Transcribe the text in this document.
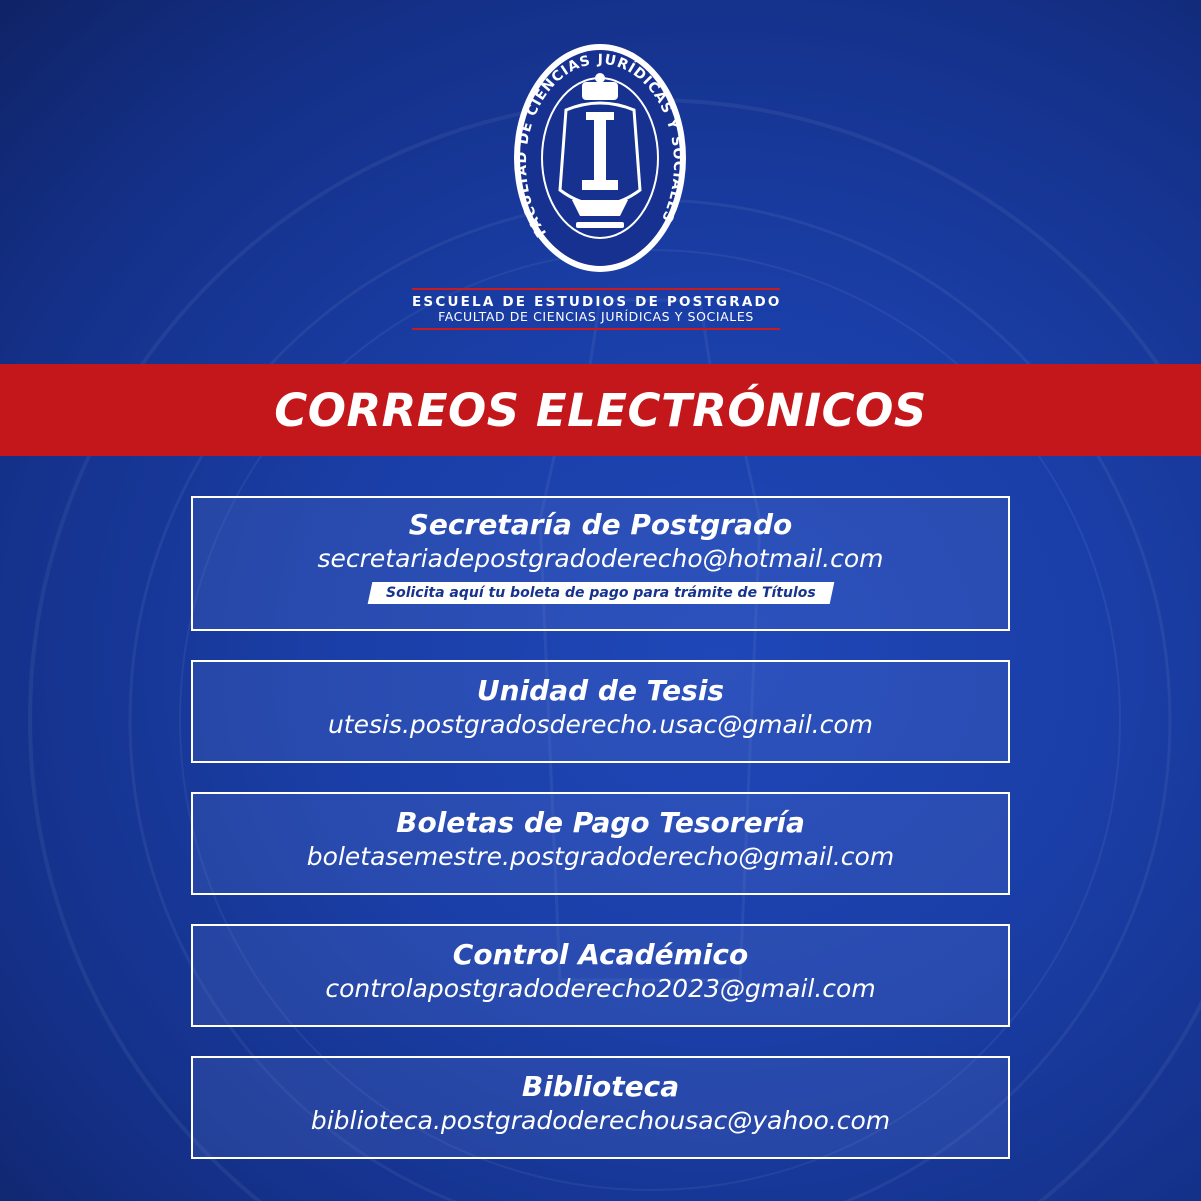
FACULTAD DE CIENCIAS JURÍDICAS Y SOCIALES
ESCUELA DE ESTUDIOS DE POSTGRADO
FACULTAD DE CIENCIAS JURÍDICAS Y SOCIALES
CORREOS ELECTRÓNICOS
Secretaría de Postgrado
secretariadepostgradoderecho@hotmail.com
Solicita aquí tu boleta de pago para trámite de Títulos
Unidad de Tesis
utesis.postgradosderecho.usac@gmail.com
Boletas de Pago Tesorería
boletasemestre.postgradoderecho@gmail.com
Control Académico
controlapostgradoderecho2023@gmail.com
Biblioteca
biblioteca.postgradoderechousac@yahoo.com
